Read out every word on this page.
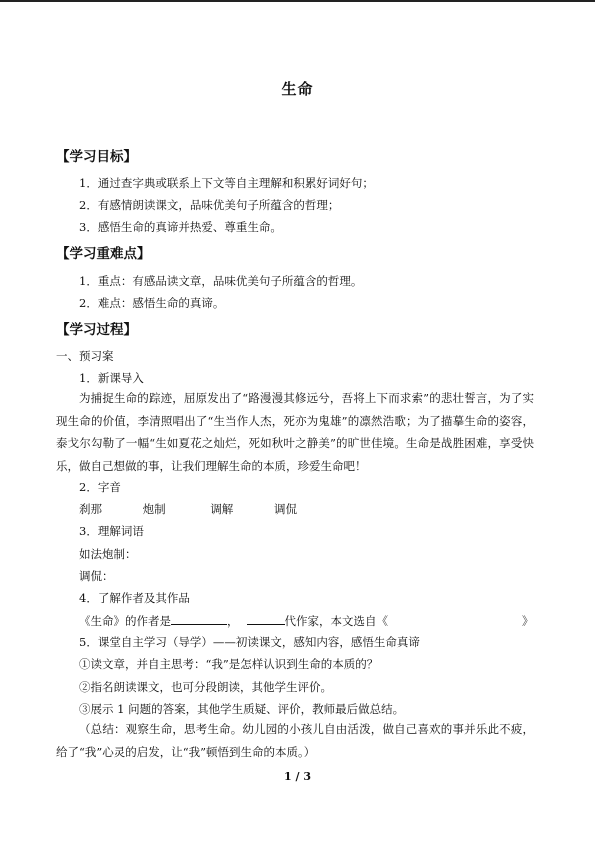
生命
【学习目标】
1．通过查字典或联系上下文等自主理解和积累好词好句；
2．有感情朗读课文，品味优美句子所蕴含的哲理；
3．感悟生命的真谛并热爱、尊重生命。
【学习重难点】
1．重点：有感品读文章，品味优美句子所蕴含的哲理。
2．难点：感悟生命的真谛。
【学习过程】
一、预习案
1．新课导入
为捕捉生命的踪迹，屈原发出了“路漫漫其修远兮，吾将上下而求索”的悲壮誓言，为了实现生命的价值，李清照唱出了“生当作人杰，死亦为鬼雄”的凛然浩歌；为了描摹生命的姿容，泰戈尔勾勒了一幅“生如夏花之灿烂，死如秋叶之静美”的旷世佳境。生命是战胜困难，享受快乐，做自己想做的事，让我们理解生命的本质，珍爱生命吧！
2．字音
刹那	炮制	调解	调侃
3．理解词语
如法炮制：
调侃：
4．了解作者及其作品
《生命》的作者是	，	代作家，本文选自《	》
5．课堂自主学习（导学）——初读课文，感知内容，感悟生命真谛
①读文章，并自主思考：“我”是怎样认识到生命的本质的？
②指名朗读课文，也可分段朗读，其他学生评价。
③展示 1 问题的答案，其他学生质疑、评价，教师最后做总结。
（总结：观察生命，思考生命。幼儿园的小孩儿自由活泼，做自己喜欢的事并乐此不疲，给了“我”心灵的启发，让“我”顿悟到生命的本质。）
1 / 3
